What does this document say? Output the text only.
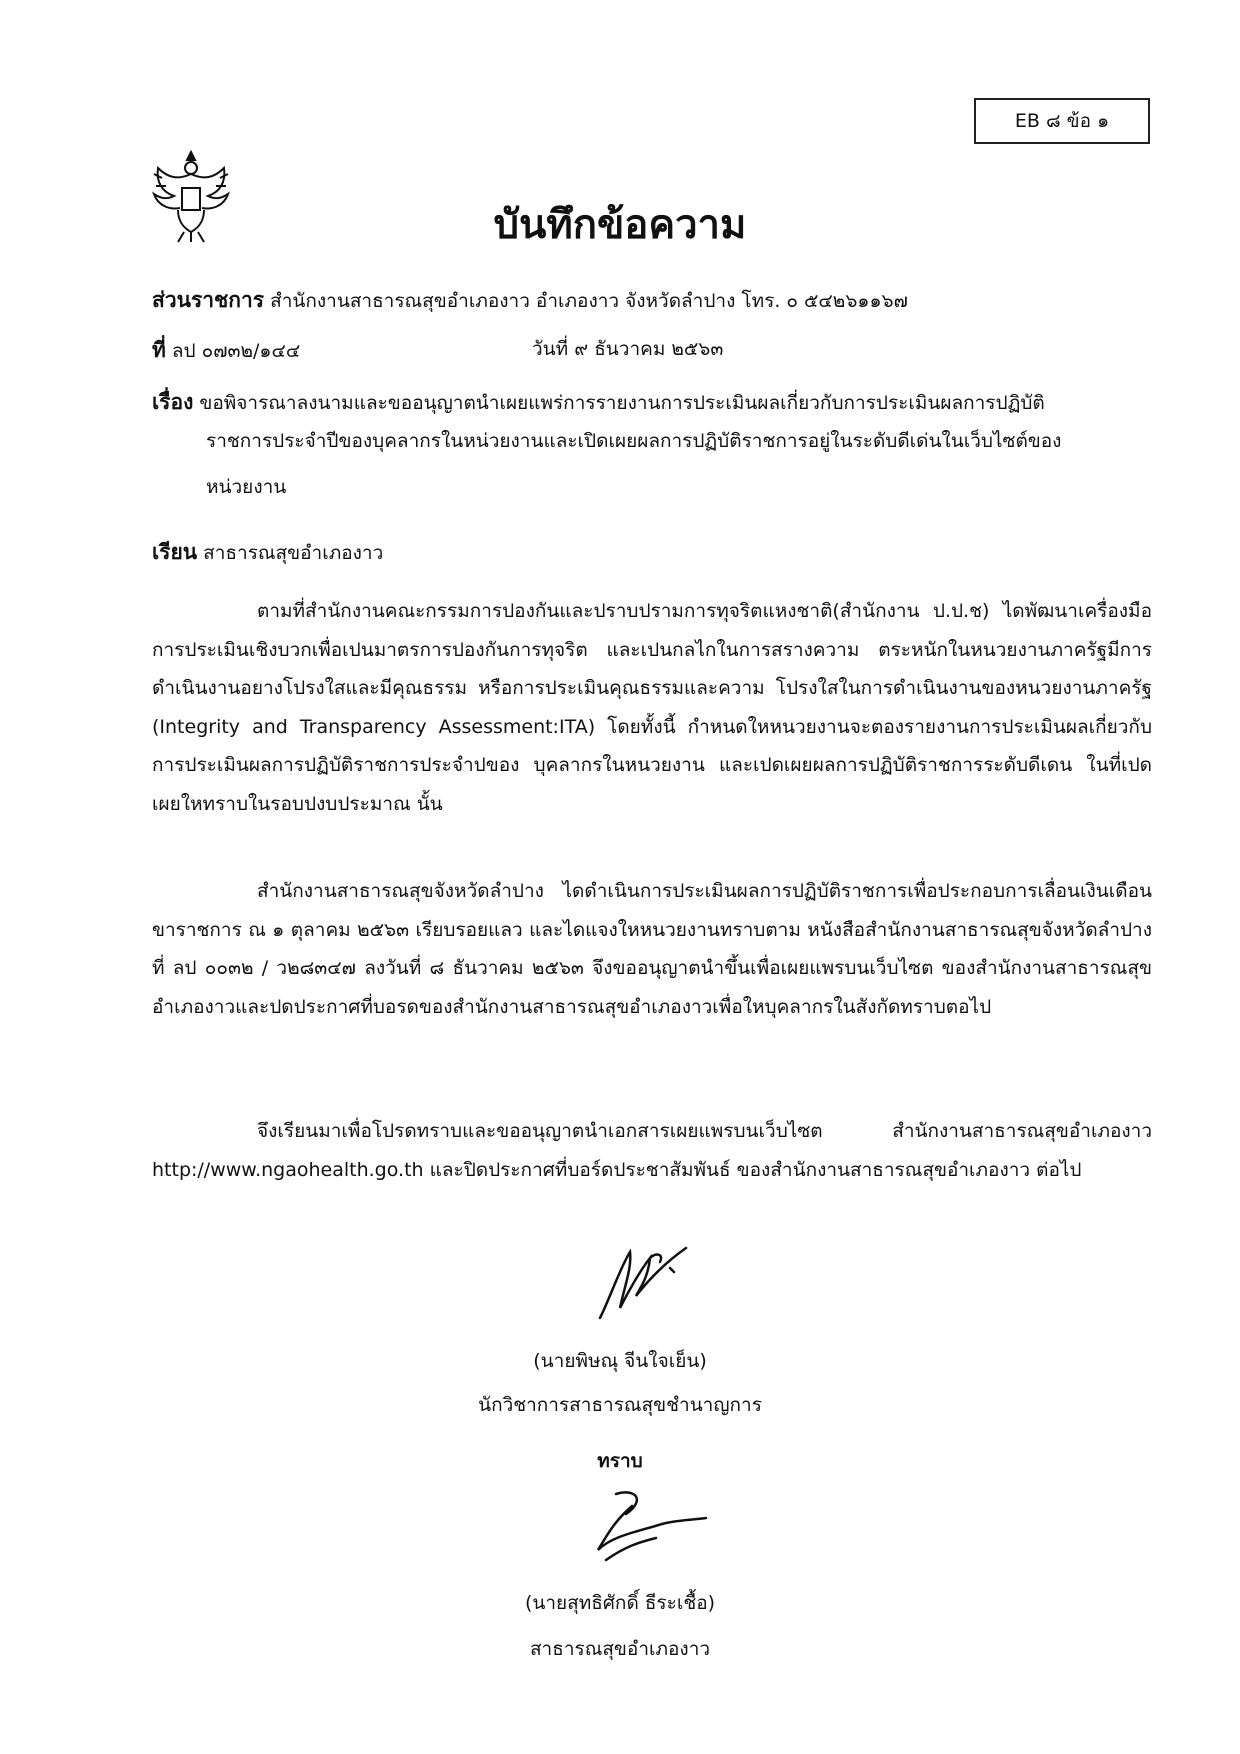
EB ๘ ข้อ ๑
บันทึกข้อความ
ส่วนราชการ สำนักงานสาธารณสุขอำเภองาว อำเภองาว จังหวัดลำปาง โทร. ๐ ๕๔๒๖๑๑๖๗
ที่ ลป ๐๗๓๒/๑๔๔	วันที่ ๙ ธันวาคม ๒๕๖๓
เรื่อง ขอพิจารณาลงนามและขออนุญาตนำเผยแพร่การรายงานการประเมินผลเกี่ยวกับการประเมินผลการปฏิบัติ
ราชการประจำปีของบุคลากรในหน่วยงานและเปิดเผยผลการปฏิบัติราชการอยู่ในระดับดีเด่นในเว็บไซต์ของ
หน่วยงาน
เรียน สาธารณสุขอำเภองาว
ตามที่สำนักงานคณะกรรมการปองกันและปราบปรามการทุจริตแหงชาติ(สำนักงาน ป.ป.ช) ไดพัฒนาเครื่องมือการประเมินเชิงบวกเพื่อเปนมาตรการปองกันการทุจริต และเปนกลไกในการสรางความ ตระหนักในหนวยงานภาครัฐมีการดำเนินงานอยางโปรงใสและมีคุณธรรม หรือการประเมินคุณธรรมและความ โปรงใสในการดำเนินงานของหนวยงานภาครัฐ (Integrity and Transparency Assessment:ITA) โดยทั้งนี้ กำหนดใหหนวยงานจะตองรายงานการประเมินผลเกี่ยวกับการประเมินผลการปฏิบัติราชการประจำปของ บุคลากรในหนวยงาน และเปดเผยผลการปฏิบัติราชการระดับดีเดน ในที่เปดเผยใหทราบในรอบปงบประมาณ นั้น
สำนักงานสาธารณสุขจังหวัดลำปาง ไดดำเนินการประเมินผลการปฏิบัติราชการเพื่อประกอบการเลื่อนเงินเดือนขาราชการ ณ ๑ ตุลาคม ๒๕๖๓ เรียบรอยแลว และไดแจงใหหนวยงานทราบตาม หนังสือสำนักงานสาธารณสุขจังหวัดลำปาง ที่ ลป ๐๐๓๒ / ว๒๘๓๔๗ ลงวันที่ ๘ ธันวาคม ๒๕๖๓ จึงขออนุญาตนำขึ้นเพื่อเผยแพรบนเว็บไซต ของสำนักงานสาธารณสุขอำเภองาวและปดประกาศที่บอรดของสำนักงานสาธารณสุขอำเภองาวเพื่อใหบุคลากรในสังกัดทราบตอไป
จึงเรียนมาเพื่อโปรดทราบและขออนุญาตนำเอกสารเผยแพรบนเว็บไซต สำนักงานสาธารณสุขอำเภองาว http://www.ngaohealth.go.th และปิดประกาศที่บอร์ดประชาสัมพันธ์ ของสำนักงานสาธารณสุขอำเภองาว ต่อไป
(นายพิษณุ จีนใจเย็น)
นักวิชาการสาธารณสุขชำนาญการ
ทราบ
(นายสุทธิศักดิ์ ธีระเชื้อ)
สาธารณสุขอำเภองาว
